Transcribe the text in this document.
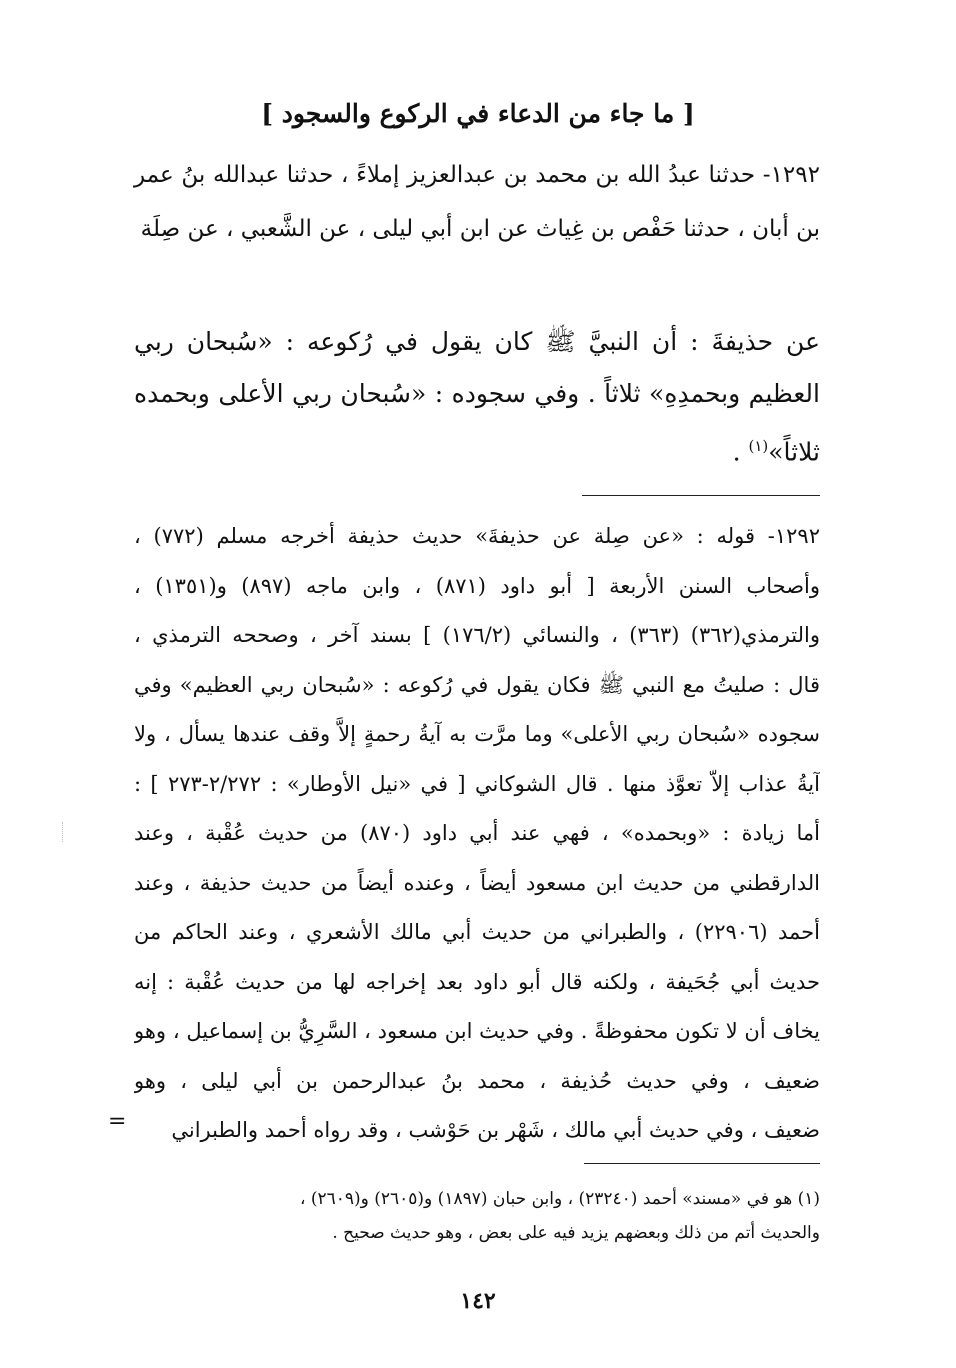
[ ما جاء من الدعاء في الركوع والسجود ]
١٢٩٢- حدثنا عبدُ الله بن محمد بن عبدالعزيز إملاءً ، حدثنا عبدالله بنُ عمر بن أبان ، حدثنا حَفْص بن غِياث عن ابن أبي ليلى ، عن الشَّعبي ، عن صِلَة
عن حذيفةَ : أن النبيَّ ﷺ كان يقول في رُكوعه : «سُبحان ربي العظيم وبحمدِهِ» ثلاثاً . وفي سجوده : «سُبحان ربي الأعلى وبحمده ثلاثاً»$^{(١)}$ .
١٢٩٢- قوله : «عن صِلة عن حذيفةَ» حديث حذيفة أخرجه مسلم (٧٧٢) ،
وأصحاب السنن الأربعة [ أبو داود (٨٧١) ، وابن ماجه (٨٩٧) و(١٣٥١) ،
والترمذي(٣٦٢) (٣٦٣) ، والنسائي (١٧٦/٢) ] بسند آخر ، وصححه الترمذي ،
قال : صليتُ مع النبي ﷺ فكان يقول في رُكوعه : «سُبحان ربي العظيم» وفي
سجوده «سُبحان ربي الأعلى» وما مرَّت به آيةُ رحمةٍ إلاَّ وقف عندها يسأل ، ولا
آيةُ عذاب إلاّ تعوَّذ منها . قال الشوكاني [ في «نيل الأوطار» : ٢/٢٧٢-٢٧٣ ] :
أما زيادة : «وبحمده» ، فهي عند أبي داود (٨٧٠) من حديث عُقْبة ، وعند
الدارقطني من حديث ابن مسعود أيضاً ، وعنده أيضاً من حديث حذيفة ، وعند
أحمد (٢٢٩٠٦) ، والطبراني من حديث أبي مالك الأشعري ، وعند الحاكم من
حديث أبي جُحَيفة ، ولكنه قال أبو داود بعد إخراجه لها من حديث عُقْبة : إنه
يخاف أن لا تكون محفوظةً . وفي حديث ابن مسعود ، السَّرِيُّ بن إسماعيل ، وهو
ضعيف ، وفي حديث حُذيفة ، محمد بنُ عبدالرحمن بن أبي ليلى ، وهو
ضعيف ، وفي حديث أبي مالك ، شَهْر بن حَوْشب ، وقد رواه أحمد والطبراني
=
(١) هو في «مسند» أحمد (٢٣٢٤٠) ، وابن حبان (١٨٩٧) و(٢٦٠٥) و(٢٦٠٩) ،
والحديث أتم من ذلك وبعضهم يزيد فيه على بعض ، وهو حديث صحيح .
١٤٢
